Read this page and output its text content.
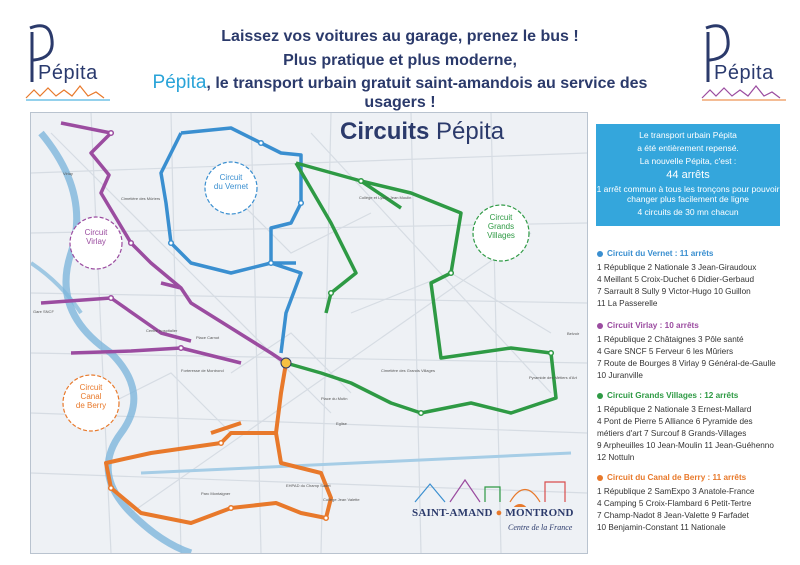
Pépita	Pépita
Laissez vos voitures au garage, prenez le bus !
Plus pratique et plus moderne,
Pépita, le transport urbain gratuit saint-amandois au service des usagers !
Virlay
Cimetière des Mûriers
Gare SNCF
Centre hospitalier
Place Carnot
Forteresse de Montrond
Place du Mutin
Eglise
Parc Montaigner
EHPAD du Champ Sadet
Collège Jean Valette
Collège et Lycée Jean Moulin
Cimetière des Grands Villages
Belvoir
Pyramide des Métiers d'Art
Circuit
du Vernet
Circuit
Virlay
Circuit
Grands
Villages
Circuit
Canal
de Berry
Circuits Pépita
SAINT-AMAND ● MONTROND
Centre de la France
Le transport urbain Pépita
a été entièrement repensé.
La nouvelle Pépita, c'est :
44 arrêts
1 arrêt commun à tous les tronçons pour pouvoir
changer plus facilement de ligne
4 circuits de 30 mn chacun
Circuit du Vernet : 11 arrêts
1 République 2 Nationale 3 Jean-Giraudoux
4 Meillant 5 Croix-Duchet 6 Didier-Gerbaud
7 Sarrault 8 Sully 9 Victor-Hugo 10 Guillon
11 La Passerelle
Circuit Virlay : 10 arrêts
1 République 2 Châtaignes 3 Pôle santé
4 Gare SNCF 5 Ferveur 6 les Mûriers
7 Route de Bourges 8 Virlay 9 Général-de-Gaulle
10 Juranville
Circuit Grands Villages : 12 arrêts
1 République 2 Nationale 3 Ernest-Mallard
4 Pont de Pierre 5 Alliance 6 Pyramide des
métiers d'art 7 Surcouf 8 Grands-Villages
9 Arpheuilles 10 Jean-Moulin 11 Jean-Guéhenno
12 Nottuln
Circuit du Canal de Berry : 11 arrêts
1 République 2 SamExpo 3 Anatole-France
4 Camping 5 Croix-Flambard 6 Petit-Tertre
7 Champ-Nadot 8 Jean-Valette 9 Farfadet
10 Benjamin-Constant 11 Nationale
